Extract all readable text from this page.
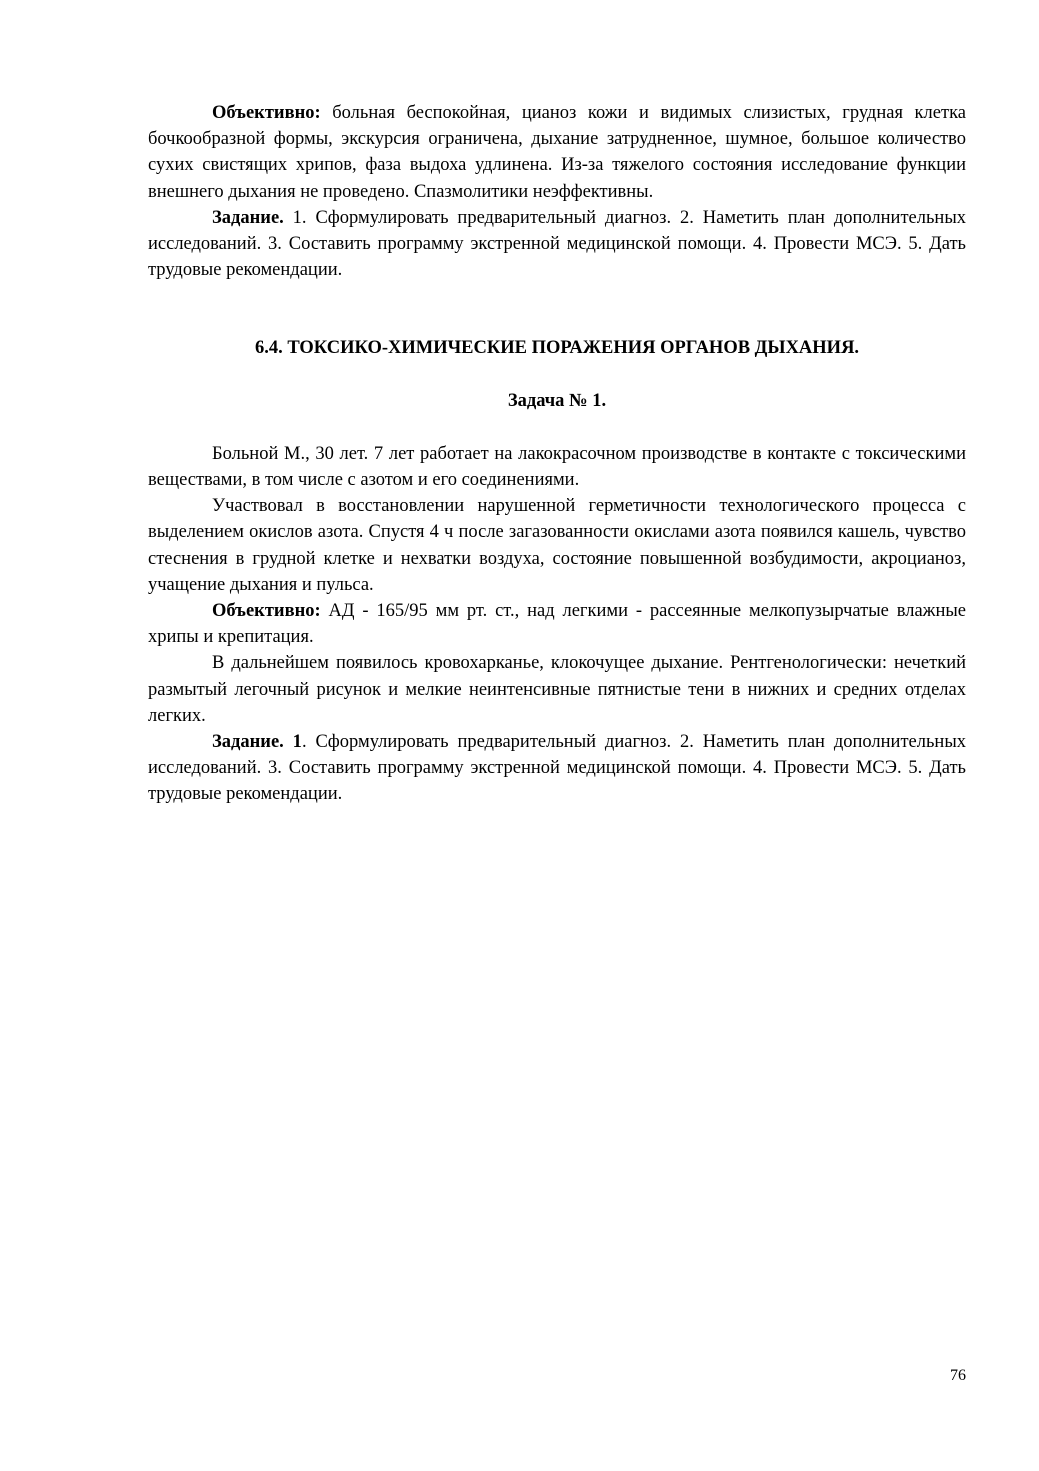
Объективно: больная беспокойная, цианоз кожи и видимых слизистых, грудная клетка бочкообразной формы, экскурсия ограничена, дыхание затрудненное, шумное, большое количество сухих свистящих хрипов, фаза выдоха удлинена. Из-за тяжелого состояния исследование функции внешнего дыхания не проведено. Спазмолитики неэффективны.

Задание. 1. Сформулировать предварительный диагноз. 2. Наметить план дополнительных исследований. 3. Составить программу экстренной медицинской помощи. 4. Провести МСЭ. 5. Дать трудовые рекомендации.

6.4. ТОКСИКО-ХИМИЧЕСКИЕ ПОРАЖЕНИЯ ОРГАНОВ ДЫХАНИЯ.

Задача № 1.

Больной М., 30 лет. 7 лет работает на лакокрасочном производстве в контакте с токсическими веществами, в том числе с азотом и его соединениями.

Участвовал в восстановлении нарушенной герметичности технологического процесса с выделением окислов азота. Спустя 4 ч после загазованности окислами азота появился кашель, чувство стеснения в грудной клетке и нехватки воздуха, состояние повышенной возбудимости, акроцианоз, учащение дыхания и пульса.

Объективно: АД - 165/95 мм рт. ст., над легкими - рассеянные мелкопузырчатые влажные хрипы и крепитация.

В дальнейшем появилось кровохарканье, клокочущее дыхание. Рентгенологически: нечеткий размытый легочный рисунок и мелкие неинтенсивные пятнистые тени в нижних и средних отделах легких.

Задание. 1. Сформулировать предварительный диагноз. 2. Наметить план дополнительных исследований. 3. Составить программу экстренной медицинской помощи. 4. Провести МСЭ. 5. Дать трудовые рекомендации.

76
